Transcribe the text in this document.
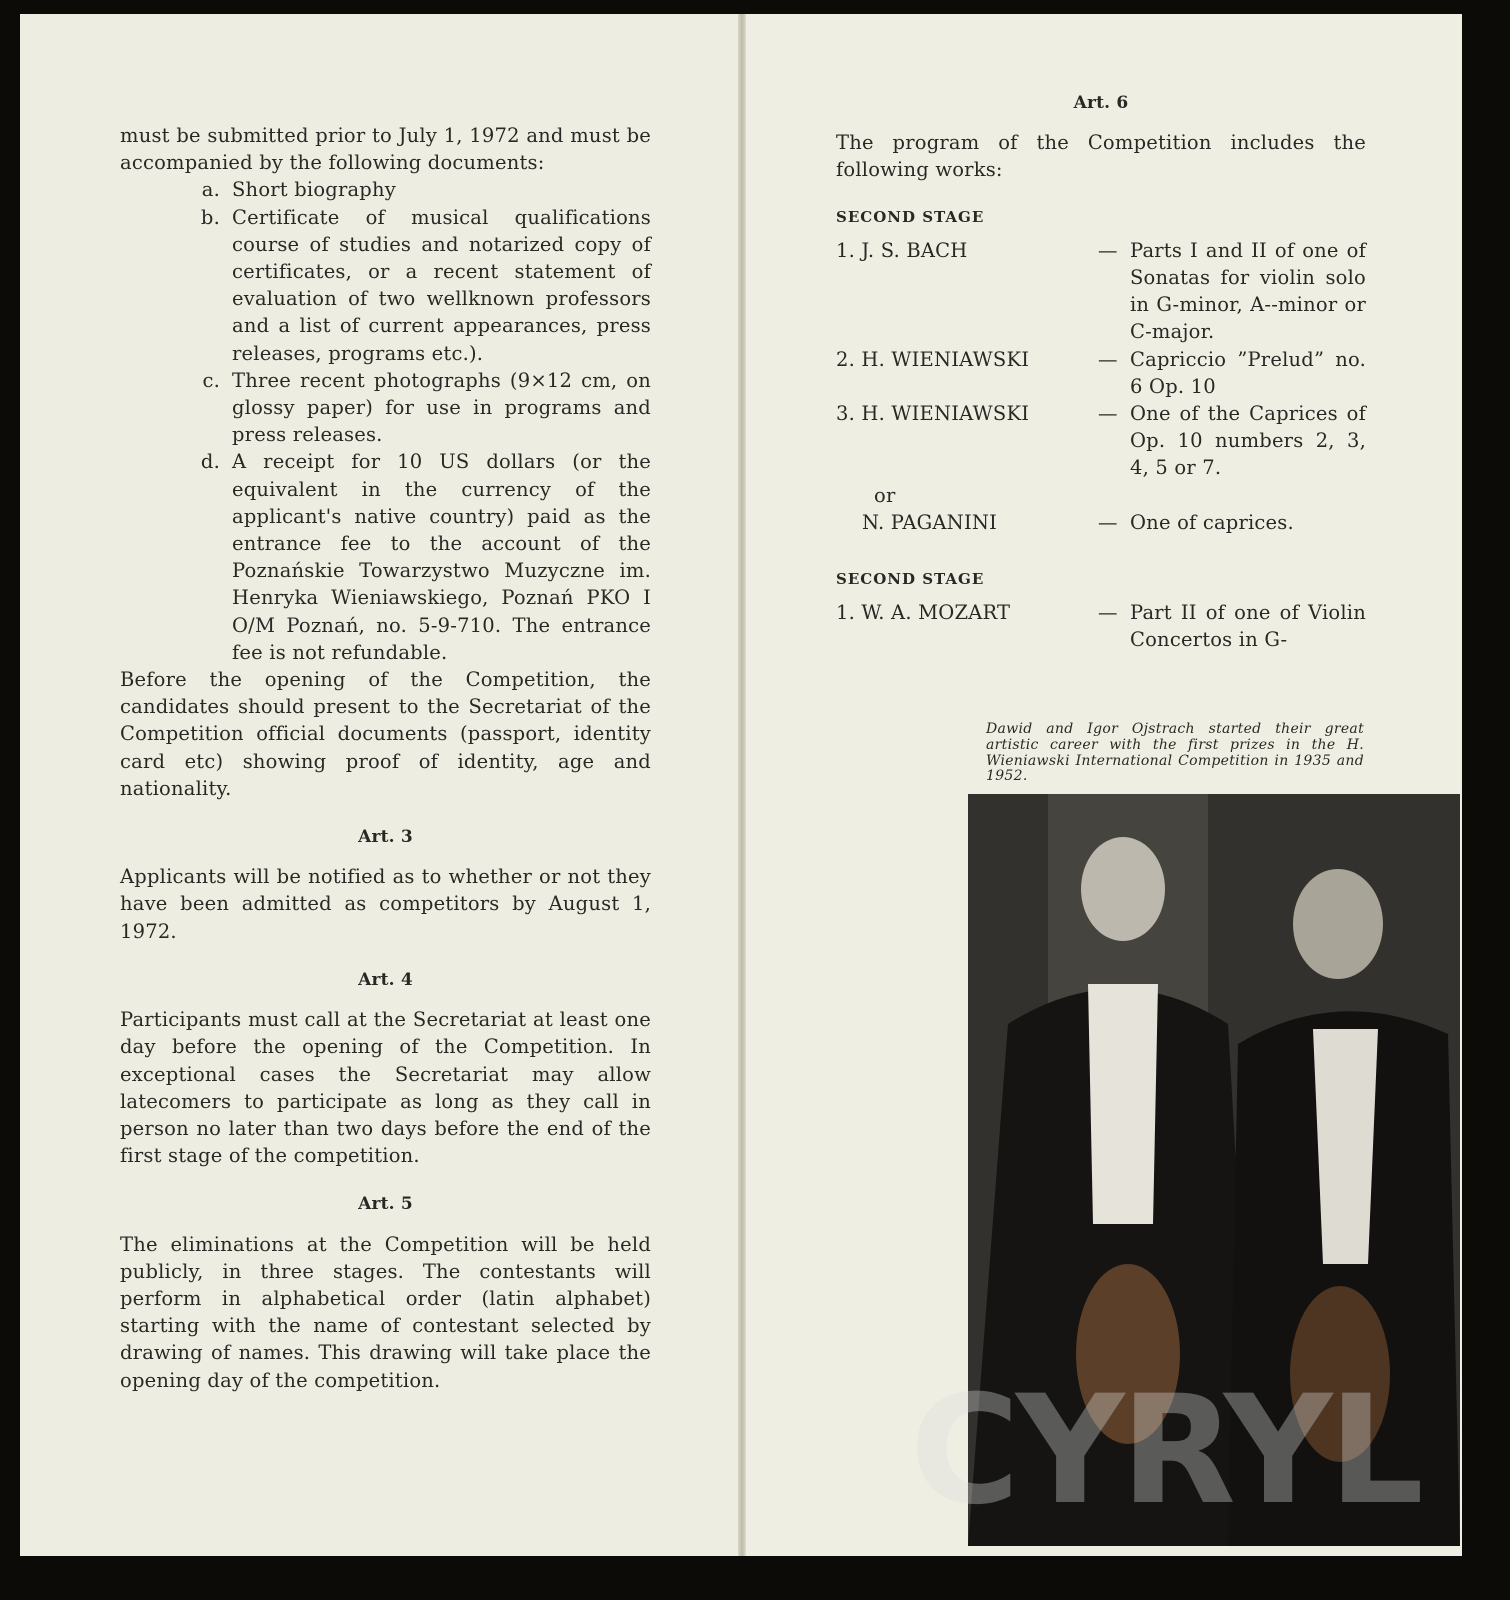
must be submitted prior to July 1, 1972 and must be accompanied by the following documents:

a. Short biography
b. Certificate of musical qualifications course of studies and notarized copy of certificates, or a recent statement of evaluation of two wellknown professors and a list of current appearances, press releases, programs etc.).
c. Three recent photographs (9×12 cm, on glossy paper) for use in programs and press releases.
d. A receipt for 10 US dollars (or the equivalent in the currency of the applicant's native country) paid as the entrance fee to the account of the Poznańskie Towarzystwo Muzyczne im. Henryka Wieniawskiego, Poznań PKO I O/M Poznań, no. 5-9-710. The entrance fee is not refundable.

Before the opening of the Competition, the candidates should present to the Secretariat of the Competition official documents (passport, identity card etc) showing proof of identity, age and nationality.

Art. 3

Applicants will be notified as to whether or not they have been admitted as competitors by August 1, 1972.

Art. 4

Participants must call at the Secretariat at least one day before the opening of the Competition. In exceptional cases the Secretariat may allow latecomers to participate as long as they call in person no later than two days before the end of the first stage of the competition.

Art. 5

The eliminations at the Competition will be held publicly, in three stages. The contestants will perform in alphabetical order (latin alphabet) starting with the name of contestant selected by drawing of names. This drawing will take place the opening day of the competition.

Art. 6

The program of the Competition includes the following works:

SECOND STAGE
1. J. S. BACH	— Parts I and II of one of Sonatas for violin solo in G-minor, A--minor or C-major.
2. H. WIENIAWSKI	— Capriccio ”Prelud” no. 6 Op. 10
3. H. WIENIAWSKI	— One of the Caprices of Op. 10 numbers 2, 3, 4, 5 or 7.
or
N. PAGANINI	— One of caprices.
SECOND STAGE
1. W. A. MOZART	— Part II of one of Violin Concertos in G-
Dawid and Igor Ojstrach started their great artistic career with the first prizes in the H. Wieniawski International Competition in 1935 and 1952.
CYRYL
